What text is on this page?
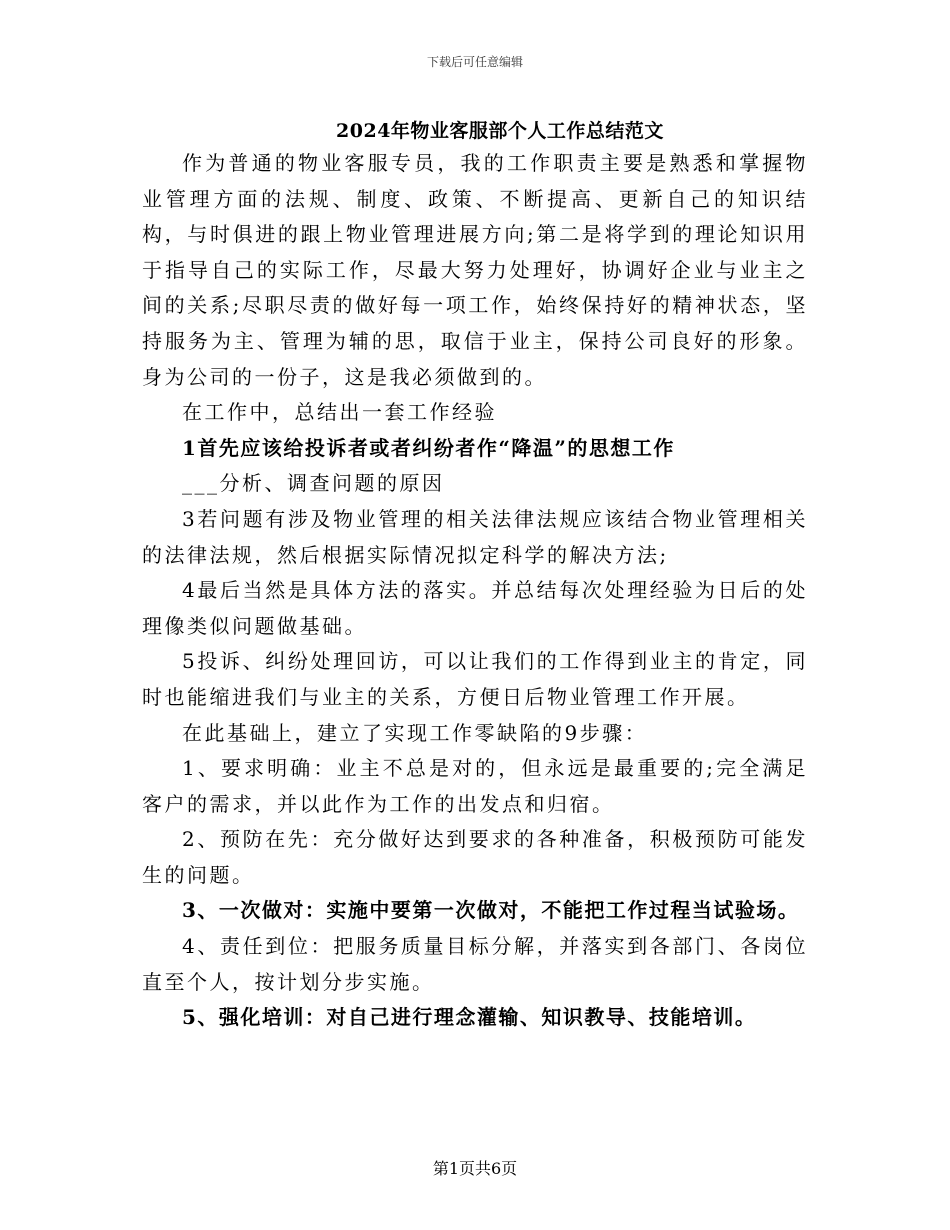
下载后可任意编辑
2024年物业客服部个人工作总结范文

作为普通的物业客服专员，我的工作职责主要是熟悉和掌握物业管理方面的法规、制度、政策、不断提高、更新自己的知识结构，与时俱进的跟上物业管理进展方向;第二是将学到的理论知识用于指导自己的实际工作，尽最大努力处理好，协调好企业与业主之间的关系;尽职尽责的做好每一项工作，始终保持好的精神状态，坚持服务为主、管理为辅的思，取信于业主，保持公司良好的形象。身为公司的一份子，这是我必须做到的。

在工作中，总结出一套工作经验

1首先应该给投诉者或者纠纷者作“降温”的思想工作

___分析、调查问题的原因

3若问题有涉及物业管理的相关法律法规应该结合物业管理相关的法律法规，然后根据实际情况拟定科学的解决方法;

4最后当然是具体方法的落实。并总结每次处理经验为日后的处理像类似问题做基础。

5投诉、纠纷处理回访，可以让我们的工作得到业主的肯定，同时也能缩进我们与业主的关系，方便日后物业管理工作开展。

在此基础上，建立了实现工作零缺陷的9步骤：

1、要求明确：业主不总是对的，但永远是最重要的;完全满足客户的需求，并以此作为工作的出发点和归宿。

2、预防在先：充分做好达到要求的各种准备，积极预防可能发生的问题。

3、一次做对：实施中要第一次做对，不能把工作过程当试验场。

4、责任到位：把服务质量目标分解，并落实到各部门、各岗位直至个人，按计划分步实施。

5、强化培训：对自己进行理念灌输、知识教导、技能培训。

第1页共6页
